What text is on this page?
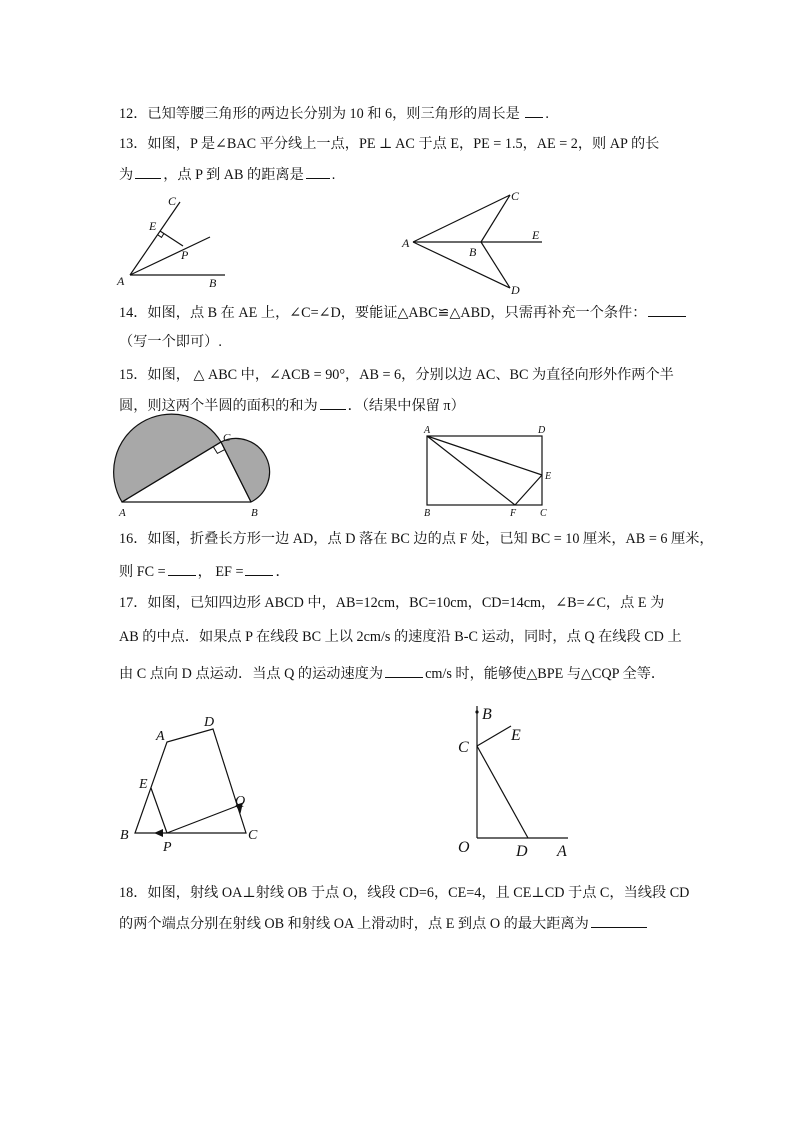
12．已知等腰三角形的两边长分别为 10 和 6，则三角形的周长是 .
13．如图，P 是∠BAC 平分线上一点，PE ⊥ AC 于点 E，PE = 1.5，AE = 2，则 AP 的长
为 ，点 P 到 AB 的距离是 .
A	B
C
E
P
A
B
C
D
E
14．如图，点 B 在 AE 上，∠C=∠D，要能证△ABC≌△ABD，只需再补充一个条件：
（写一个即可）.
15．如图， △ ABC 中，∠ACB = 90°，AB = 6，分别以边 AC、BC 为直径向形外作两个半
圆，则这两个半圆的面积的和为 ．（结果中保留 π）
A	B
C
A
B	C
D
E
F
16．如图，折叠长方形一边 AD，点 D 落在 BC 边的点 F 处，已知 BC = 10 厘米，AB = 6 厘米，
则 FC = ， EF = ．
17．如图，已知四边形 ABCD 中，AB=12cm，BC=10cm，CD=14cm，∠B=∠C，点 E 为
AB 的中点．如果点 P 在线段 BC 上以 2cm/s 的速度沿 B-C 运动，同时，点 Q 在线段 CD 上
由 C 点向 D 点运动．当点 Q 的运动速度为	cm/s 时，能够使△BPE 与△CQP 全等．
B
P
C
Q
D
A
E
B
C
E
O	D A
18．如图，射线 OA⊥射线 OB 于点 O，线段 CD=6，CE=4，且 CE⊥CD 于点 C，当线段 CD
的两个端点分别在射线 OB 和射线 OA 上滑动时，点 E 到点 O 的最大距离为
